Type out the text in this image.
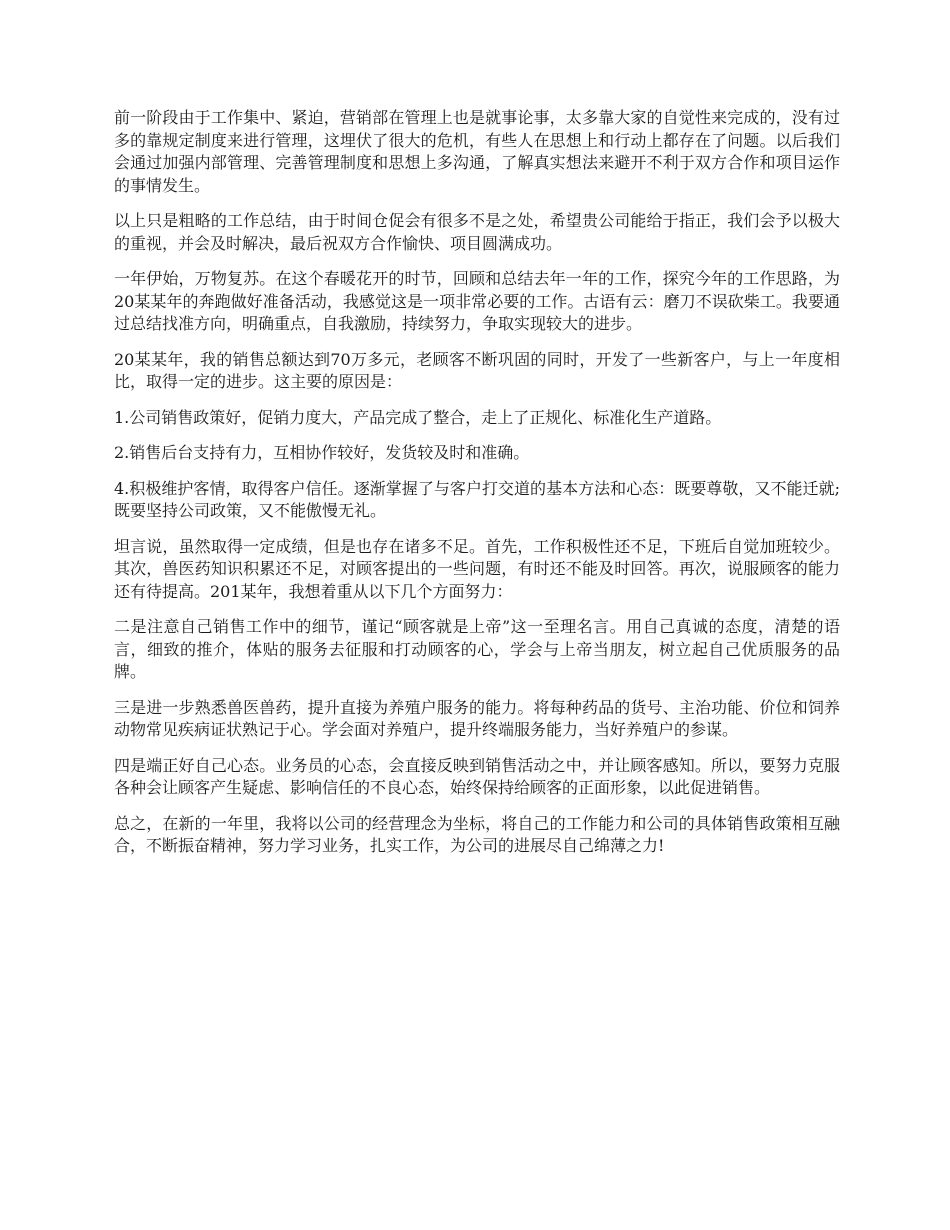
前一阶段由于工作集中、紧迫，营销部在管理上也是就事论事，太多靠大家的自觉性来完成的，没有过多的靠规定制度来进行管理，这埋伏了很大的危机，有些人在思想上和行动上都存在了问题。以后我们会通过加强内部管理、完善管理制度和思想上多沟通，了解真实想法来避开不利于双方合作和项目运作的事情发生。

以上只是粗略的工作总结，由于时间仓促会有很多不是之处，希望贵公司能给于指正，我们会予以极大的重视，并会及时解决，最后祝双方合作愉快、项目圆满成功。

一年伊始，万物复苏。在这个春暖花开的时节，回顾和总结去年一年的工作，探究今年的工作思路，为20某某年的奔跑做好准备活动，我感觉这是一项非常必要的工作。古语有云：磨刀不误砍柴工。我要通过总结找准方向，明确重点，自我激励，持续努力，争取实现较大的进步。

20某某年，我的销售总额达到70万多元，老顾客不断巩固的同时，开发了一些新客户，与上一年度相比，取得一定的进步。这主要的原因是：

1.公司销售政策好，促销力度大，产品完成了整合，走上了正规化、标准化生产道路。

2.销售后台支持有力，互相协作较好，发货较及时和准确。

4.积极维护客情，取得客户信任。逐渐掌握了与客户打交道的基本方法和心态：既要尊敬，又不能迁就;既要坚持公司政策，又不能傲慢无礼。

坦言说，虽然取得一定成绩，但是也存在诸多不足。首先，工作积极性还不足，下班后自觉加班较少。其次，兽医药知识积累还不足，对顾客提出的一些问题，有时还不能及时回答。再次，说服顾客的能力还有待提高。201某年，我想着重从以下几个方面努力：

二是注意自己销售工作中的细节，谨记“顾客就是上帝”这一至理名言。用自己真诚的态度，清楚的语言，细致的推介，体贴的服务去征服和打动顾客的心，学会与上帝当朋友，树立起自己优质服务的品牌。

三是进一步熟悉兽医兽药，提升直接为养殖户服务的能力。将每种药品的货号、主治功能、价位和饲养动物常见疾病证状熟记于心。学会面对养殖户，提升终端服务能力，当好养殖户的参谋。

四是端正好自己心态。业务员的心态，会直接反映到销售活动之中，并让顾客感知。所以，要努力克服各种会让顾客产生疑虑、影响信任的不良心态，始终保持给顾客的正面形象，以此促进销售。

总之，在新的一年里，我将以公司的经营理念为坐标，将自己的工作能力和公司的具体销售政策相互融合，不断振奋精神，努力学习业务，扎实工作，为公司的进展尽自己绵薄之力!
